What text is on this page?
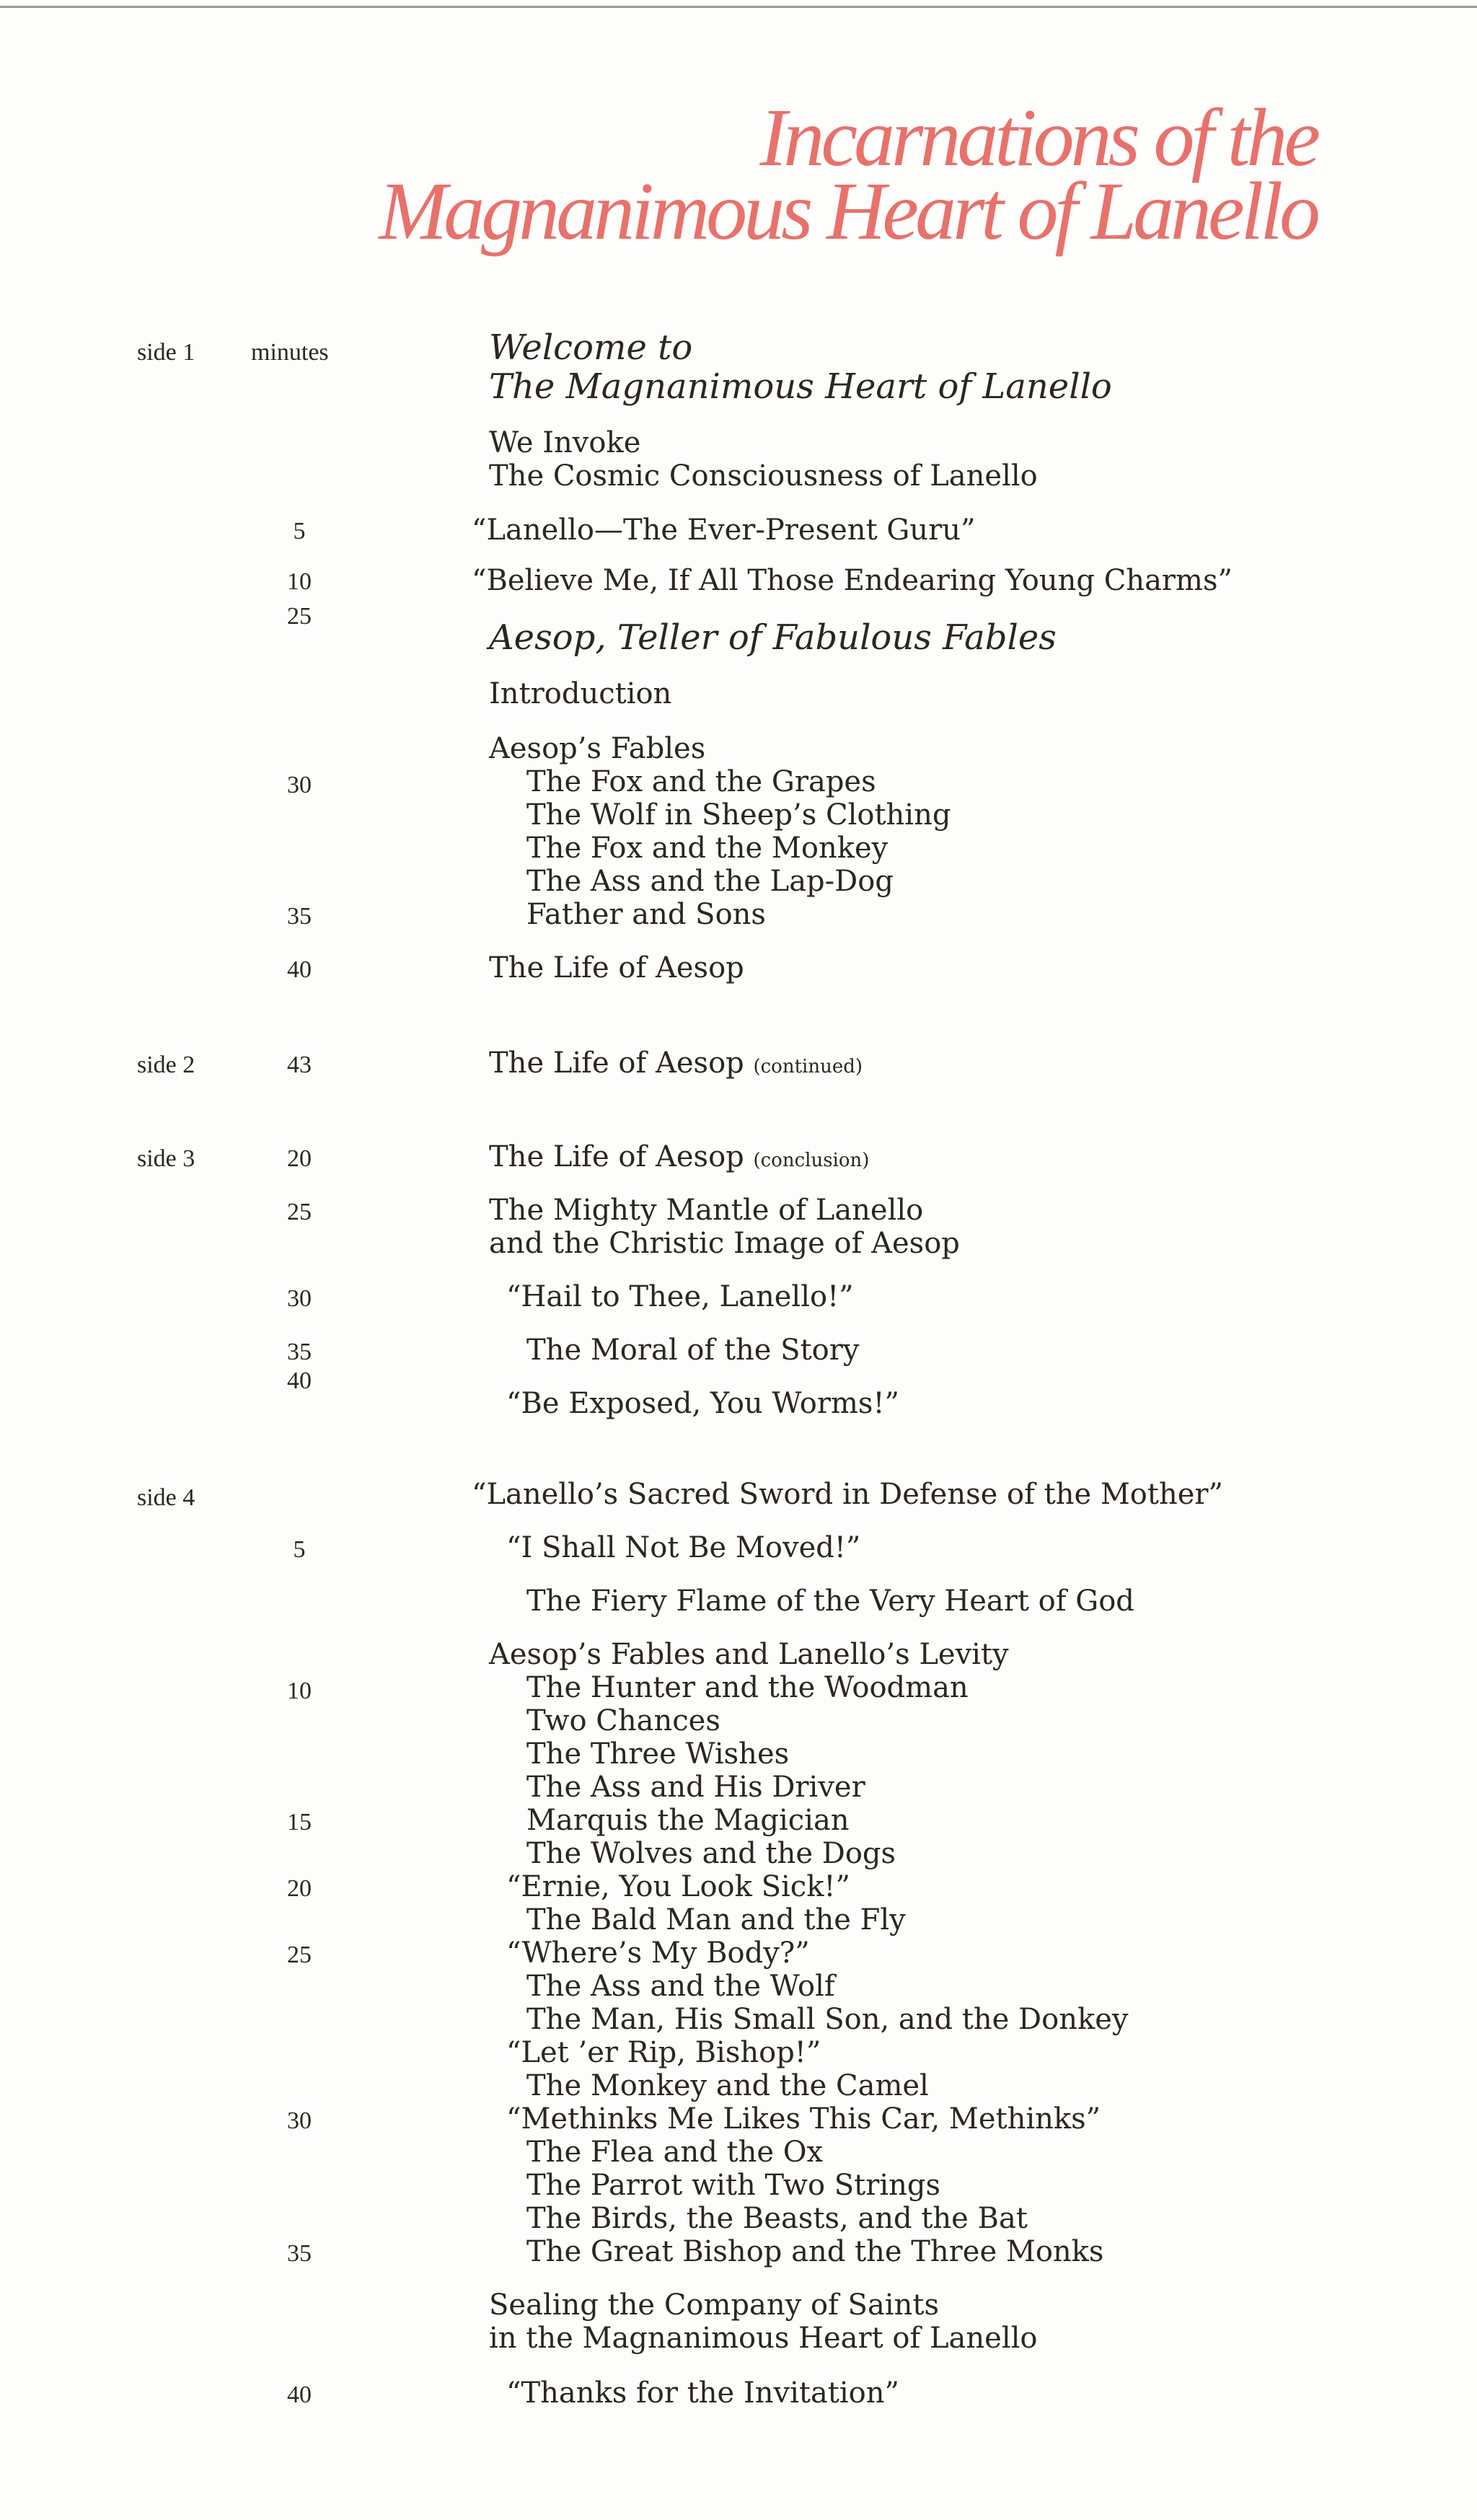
Incarnations of the
Magnanimous Heart of Lanello
side 1 minutes
side 2
side 3
side 4
5
10
25
30
35
40
43
20
25
30
35
40
5
10
15
20
25
30
35
40
Welcome to
The Magnanimous Heart of Lanello
We Invoke
The Cosmic Consciousness of Lanello
“Lanello—The Ever-Present Guru”
“Believe Me, If All Those Endearing Young Charms”
Aesop, Teller of Fabulous Fables
Introduction
Aesop’s Fables
The Fox and the Grapes
The Wolf in Sheep’s Clothing
The Fox and the Monkey
The Ass and the Lap-Dog
Father and Sons
The Life of Aesop
The Life of Aesop (continued)
The Life of Aesop (conclusion)
The Mighty Mantle of Lanello
and the Christic Image of Aesop
“Hail to Thee, Lanello!”
The Moral of the Story
“Be Exposed, You Worms!”
“Lanello’s Sacred Sword in Defense of the Mother”
“I Shall Not Be Moved!”
The Fiery Flame of the Very Heart of God
Aesop’s Fables and Lanello’s Levity
The Hunter and the Woodman
Two Chances
The Three Wishes
The Ass and His Driver
Marquis the Magician
The Wolves and the Dogs
“Ernie, You Look Sick!”
The Bald Man and the Fly
“Where’s My Body?”
The Ass and the Wolf
The Man, His Small Son, and the Donkey
“Let ’er Rip, Bishop!”
The Monkey and the Camel
“Methinks Me Likes This Car, Methinks”
The Flea and the Ox
The Parrot with Two Strings
The Birds, the Beasts, and the Bat
The Great Bishop and the Three Monks
Sealing the Company of Saints
in the Magnanimous Heart of Lanello
“Thanks for the Invitation”
